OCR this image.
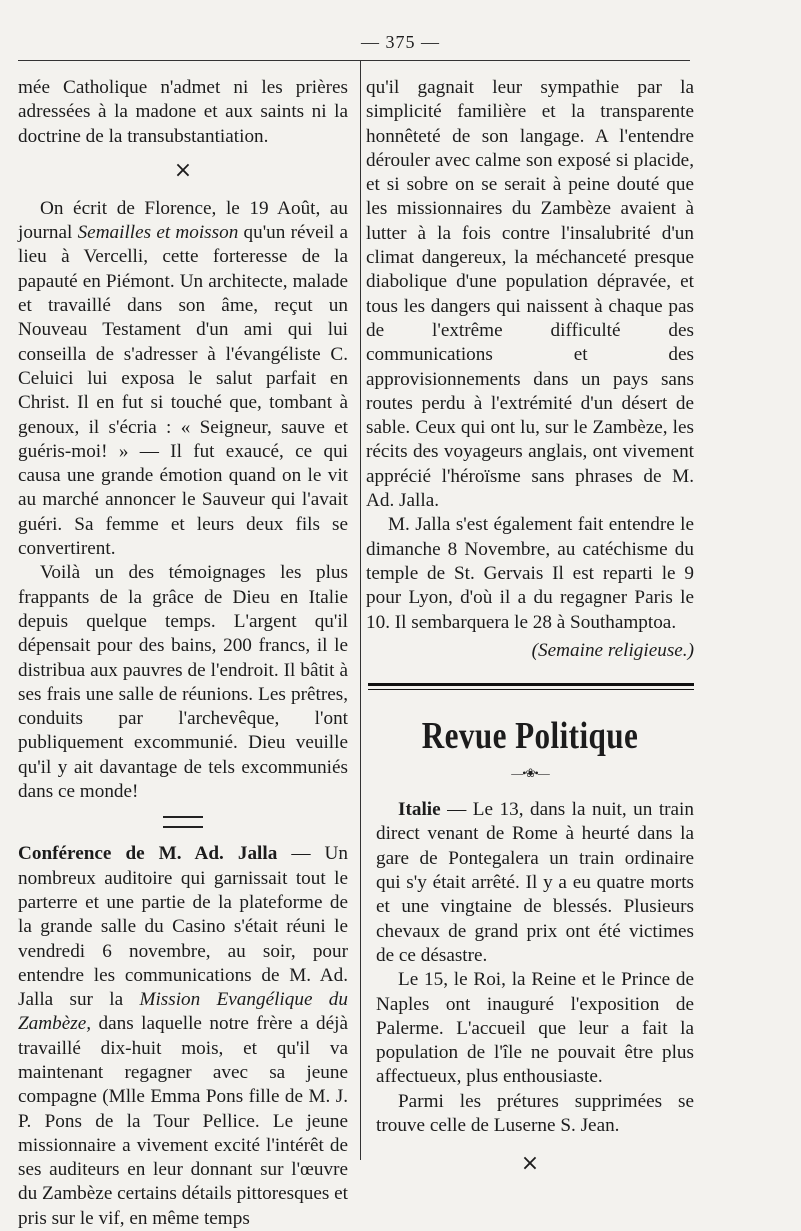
— 375 —

mée Catholique n'admet ni les prières adressées à la madone et aux saints ni la doctrine de la transubstantiation.

×

On écrit de Florence, le 19 Août, au journal Semailles et moisson qu'un réveil a lieu à Vercelli, cette forteresse de la papauté en Piémont. Un architecte, malade et travaillé dans son âme, reçut un Nouveau Testament d'un ami qui lui conseilla de s'adresser à l'évangéliste C. Celuici lui exposa le salut parfait en Christ. Il en fut si touché que, tombant à genoux, il s'écria : « Seigneur, sauve et guéris-moi! » — Il fut exaucé, ce qui causa une grande émotion quand on le vit au marché annoncer le Sauveur qui l'avait guéri. Sa femme et leurs deux fils se convertirent.

Voilà un des témoignages les plus frappants de la grâce de Dieu en Italie depuis quelque temps. L'argent qu'il dépensait pour des bains, 200 francs, il le distribua aux pauvres de l'endroit. Il bâtit à ses frais une salle de réunions. Les prêtres, conduits par l'archevêque, l'ont publiquement excommunié. Dieu veuille qu'il y ait davantage de tels excommuniés dans ce monde!

Conférence de M. Ad. Jalla — Un nombreux auditoire qui garnissait tout le parterre et une partie de la plateforme de la grande salle du Casino s'était réuni le vendredi 6 novembre, au soir, pour entendre les communications de M. Ad. Jalla sur la Mission Evangélique du Zambèze, dans laquelle notre frère a déjà travaillé dix-huit mois, et qu'il va maintenant regagner avec sa jeune compagne (Mlle Emma Pons fille de M. J. P. Pons de la Tour Pellice. Le jeune missionnaire a vivement excité l'intérêt de ses auditeurs en leur donnant sur l'œuvre du Zambèze certains détails pittoresques et pris sur le vif, en même temps

qu'il gagnait leur sympathie par la simplicité familière et la transparente honnêteté de son langage. A l'entendre dérouler avec calme son exposé si placide, et si sobre on se serait à peine douté que les missionnaires du Zambèze avaient à lutter à la fois contre l'insalubrité d'un climat dangereux, la méchanceté presque diabolique d'une population dépravée, et tous les dangers qui naissent à chaque pas de l'extrême difficulté des communications et des approvisionnements dans un pays sans routes perdu à l'extrémité d'un désert de sable. Ceux qui ont lu, sur le Zambèze, les récits des voyageurs anglais, ont vivement apprécié l'héroïsme sans phrases de M. Ad. Jalla.

M. Jalla s'est également fait entendre le dimanche 8 Novembre, au catéchisme du temple de St. Gervais Il est reparti le 9 pour Lyon, d'où il a du regagner Paris le 10. Il sembarquera le 28 à Southamptoa.

(Semaine religieuse.)

Revue Politique
—•❀•—

Italie — Le 13, dans la nuit, un train direct venant de Rome à heurté dans la gare de Pontegalera un train ordinaire qui s'y était arrêté. Il y a eu quatre morts et une vingtaine de blessés. Plusieurs chevaux de grand prix ont été victimes de ce désastre.

Le 15, le Roi, la Reine et le Prince de Naples ont inauguré l'exposition de Palerme. L'accueil que leur a fait la population de l'île ne pouvait être plus affectueux, plus enthousiaste.

Parmi les prétures supprimées se trouve celle de Luserne S. Jean.

×
